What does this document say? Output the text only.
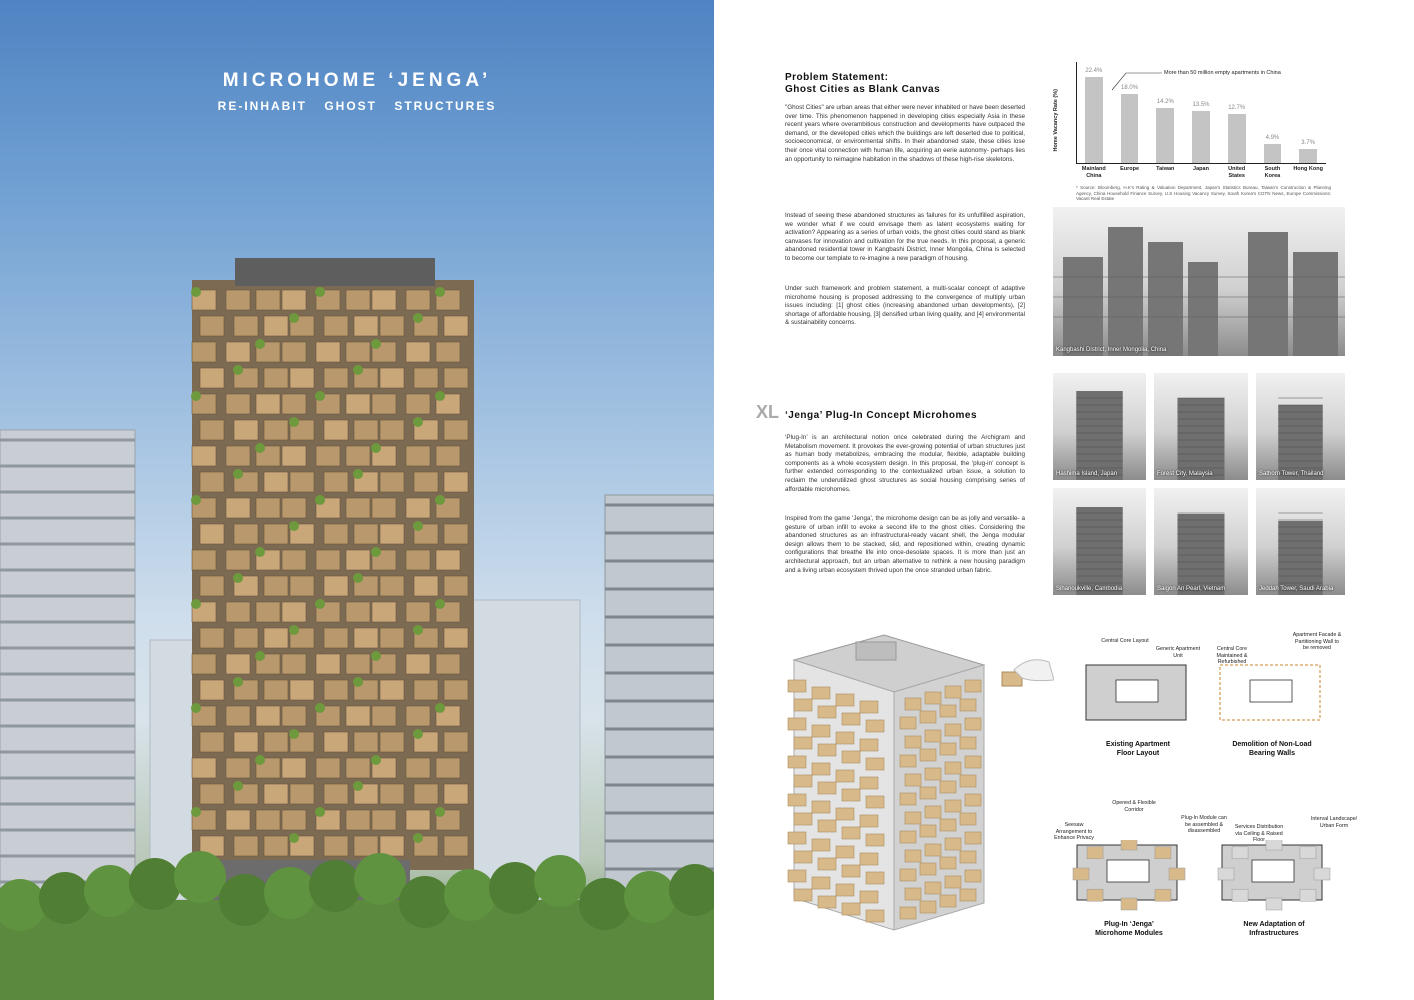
MICROHOME ‘JENGA’
RE-INHABIT GHOST STRUCTURES
Problem Statement:
Ghost Cities as Blank Canvas

"Ghost Cities" are urban areas that either were never inhabited or have been deserted over time. This phenomenon happened in developing cities especially Asia in these recent years where overambitious construction and developments have outpaced the demand, or the developed cities which the buildings are left deserted due to political, socioeconomical, or environmental shifts. In their abandoned state, these cities lose their once vital connection with human life, acquiring an eerie autonomy- perhaps lies an opportunity to reimagine habitation in the shadows of these high-rise skeletons.

Instead of seeing these abandoned structures as failures for its unfulfilled aspiration, we wonder what if we could envisage them as latent ecosystems waiting for activation? Appearing as a series of urban voids, the ghost cities could stand as blank canvases for innovation and cultivation for the true needs. In this proposal, a generic abandoned residential tower in Kangbashi District, Inner Mongolia, China is selected to become our template to re-imagine a new paradigm of housing.

Under such framework and problem statement, a multi-scalar concept of adaptive microhome housing is proposed addressing to the convergence of multiply urban issues including: [1] ghost cities (increasing abandoned urban developments), [2] shortage of affordable housing, [3] densified urban living quality, and [4] environmental & sustainability concerns.

Home Vacancy Rate (%)
22.4%
Mainland China
18.0%
Europe
14.2%
Taiwan
13.5%
Japan
12.7%
United States
4.9%
South Korea
3.7%
Hong Kong
More than 50 million empty apartments in China
* Source: Bloomberg, H.K's Rating & Valuation Department, Japan's Statistics Bureau, Taiwan's Construction & Planning Agency, China Household Finance Survey, U.S Housing Vacancy Survey, South Korea's CGTN News, Europe Commissions: Vacant Real Estate
Kangbashi District, Inner Mongolia, China
Hashima Island, Japan	Forest City, Malaysia	Sathorn Tower, Thailand
Sihanoukville, Cambodia	Saigon An Pearl, Vietnam	Jeddah Tower, Saudi Arabia
XL ‘Jenga’ Plug-In Concept Microhomes

‘Plug-In’ is an architectural notion once celebrated during the Archigram and Metabolism movement. It provokes the ever-growing potential of urban structures just as human body metabolizes, embracing the modular, flexible, adaptable building components as a whole ecosystem design. In this proposal, the ‘plug-in’ concept is further extended corresponding to the contextualized urban issue, a solution to reclaim the underutilized ghost structures as social housing comprising series of affordable microhomes.

Inspired from the game ‘Jenga’, the microhome design can be as jolly and versatile- a gesture of urban infill to evoke a second life to the ghost cities. Considering the abandoned structures as an infrastructural-ready vacant shell, the Jenga modular design allows them to be stacked, slid, and repositioned within, creating dynamic configurations that breathe life into once-desolate spaces. It is more than just an architectural approach, but an urban alternative to rethink a new housing paradigm and a living urban ecosystem thrived upon the once stranded urban fabric.

Central Core Layout
Generic Apartment Unit
Existing Apartment
Floor Layout
Central Core Maintained & Refurbished
Apartment Facade & Partitioning Wall to be removed
Demolition of Non-Load
Bearing Walls
Seesaw Arrangement to Enhance Privacy
Opened & Flexible Corridor
Plug-In Module can be assembled & disassembled
Plug-In ‘Jenga’
Microhome Modules
Services Distribution via Ceiling & Raised Floor
Interval Landscape/ Urban Form
New Adaptation of
Infrastructures
